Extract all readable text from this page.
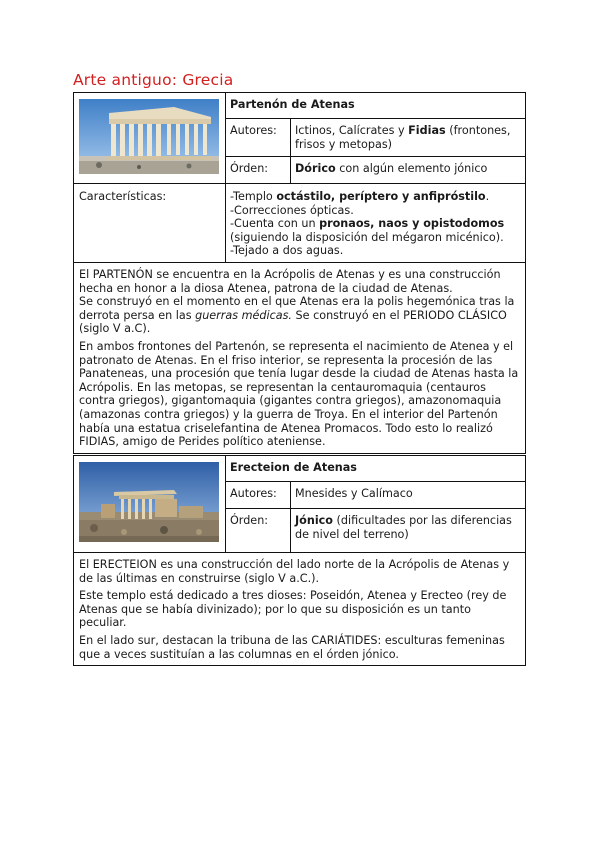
Arte antiguo: Grecia
Partenón de Atenas
Autores:	Ictinos, Calícrates y Fidias (frontones, frisos y metopas)
Órden:	Dórico con algún elemento jónico
Características:	-Templo octástilo, períptero y anfipróstilo.
-Correcciones ópticas.
-Cuenta con un pronaos, naos y opistodomos (siguiendo la disposición del mégaron micénico).
-Tejado a dos aguas.

El PARTENÓN se encuentra en la Acrópolis de Atenas y es una construcción hecha en honor a la diosa Atenea, patrona de la ciudad de Atenas.
Se construyó en el momento en el que Atenas era la polis hegemónica tras la derrota persa en las guerras médicas. Se construyó en el PERIODO CLÁSICO (siglo V a.C).

En ambos frontones del Partenón, se representa el nacimiento de Atenea y el patronato de Atenas. En el friso interior, se representa la procesión de las Panateneas, una procesión que tenía lugar desde la ciudad de Atenas hasta la Acrópolis. En las metopas, se representan la centauromaquia (centauros contra griegos), gigantomaquia (gigantes contra griegos), amazonomaquia (amazonas contra griegos) y la guerra de Troya. En el interior del Partenón había una estatua criselefantina de Atenea Promacos. Todo esto lo realizó FIDIAS, amigo de Perides político ateniense.

Erecteion de Atenas
Autores:	Mnesides y Calímaco
Órden:	Jónico (dificultades por las diferencias de nivel del terreno)

El ERECTEION es una construcción del lado norte de la Acrópolis de Atenas y de las últimas en construirse (siglo V a.C.).

Este templo está dedicado a tres dioses: Poseidón, Atenea y Erecteo (rey de Atenas que se había divinizado); por lo que su disposición es un tanto peculiar.

En el lado sur, destacan la tribuna de las CARIÁTIDES: esculturas femeninas que a veces sustituían a las columnas en el órden jónico.
